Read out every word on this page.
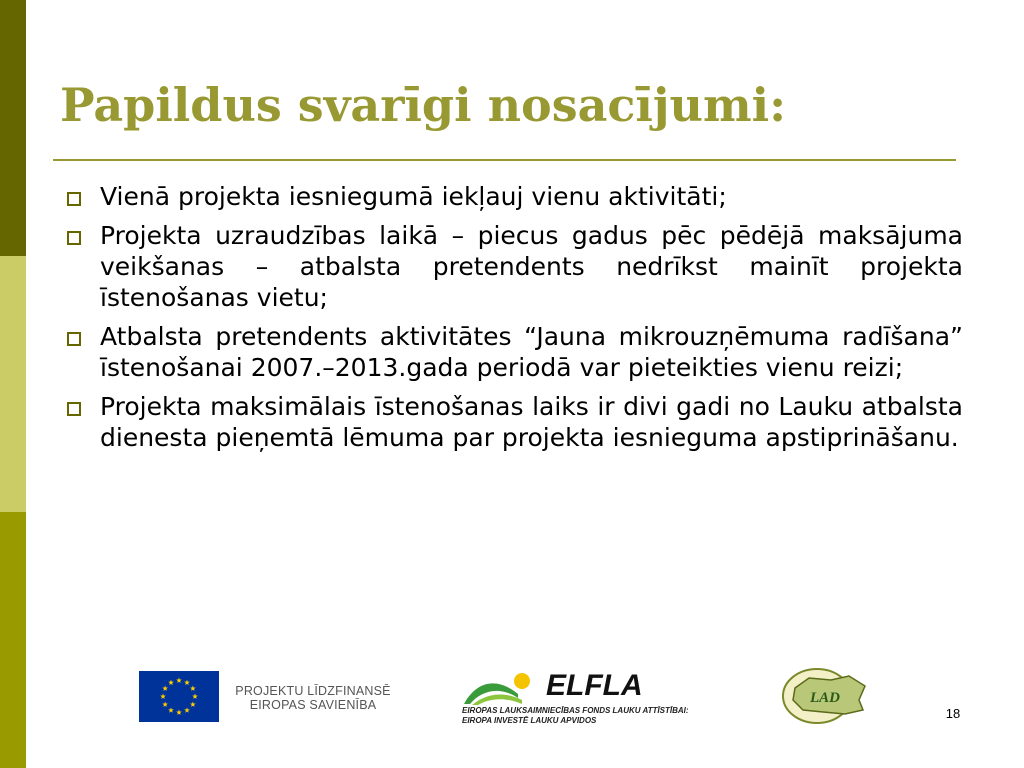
Papildus svarīgi nosacījumi:
Vienā projekta iesniegumā iekļauj vienu aktivitāti;
Projekta uzraudzības laikā – piecus gadus pēc pēdējā maksājuma veikšanas – atbalsta pretendents nedrīkst mainīt projekta īstenošanas vietu;
Atbalsta pretendents aktivitātes “Jauna mikrouzņēmuma radīšana” īstenošanai 2007.–2013.gada periodā var pieteikties vienu reizi;
Projekta maksimālais īstenošanas laiks ir divi gadi no Lauku atbalsta dienesta pieņemtā lēmuma par projekta iesnieguma apstiprināšanu.
PROJEKTU LĪDZFINANSĒ
EIROPAS SAVIENĪBA
ELFLA
EIROPAS LAUKSAIMNIECĪBAS FONDS LAUKU ATTĪSTĪBAI:
EIROPA INVESTĒ LAUKU APVIDOS
LAD
18
